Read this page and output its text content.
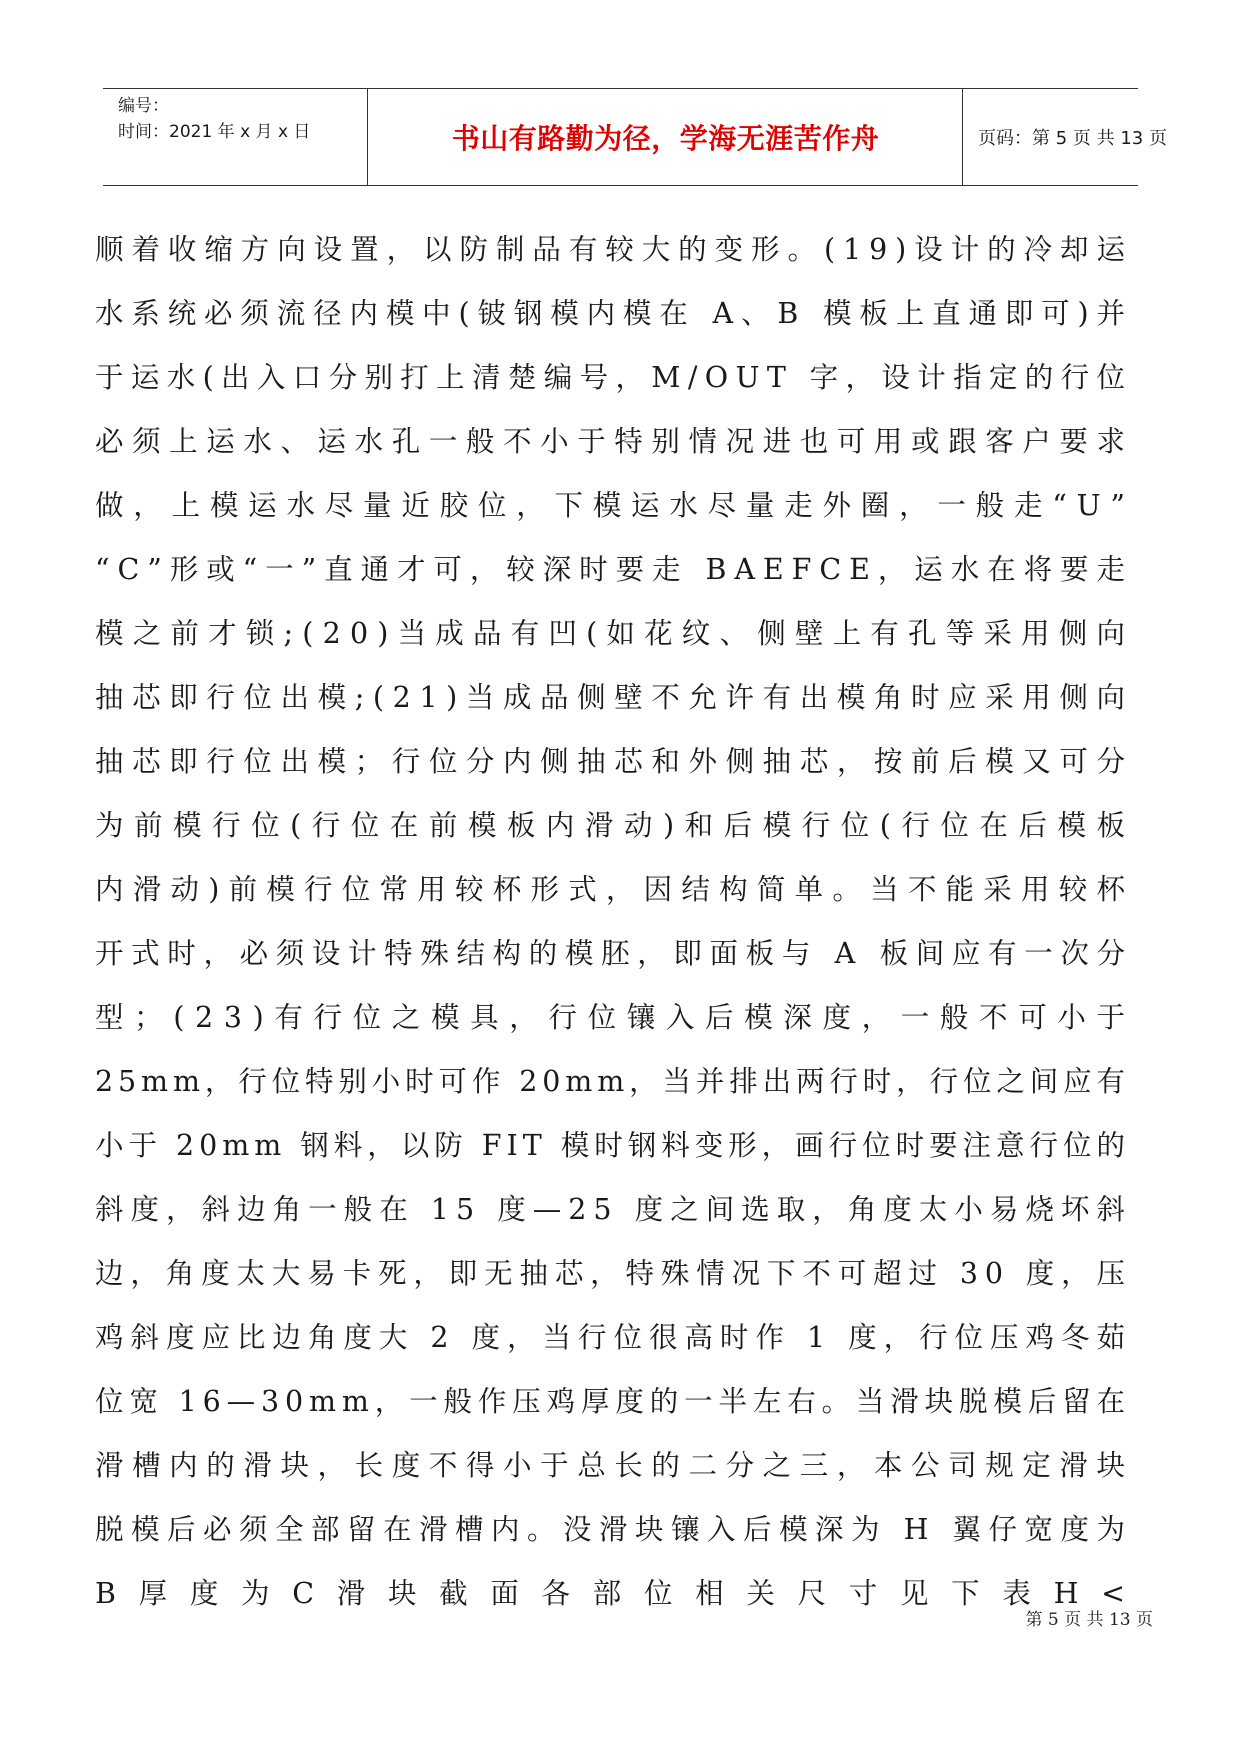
编号：
时间：2021 年 x 月 x 日	书山有路勤为径，学海无涯苦作舟	页码：第 5 页 共 13 页
顺着收缩方向设置，以防制品有较大的变形。(19)设计的冷却运
水系统必须流径内模中(铍钢模内模在 A、B 模板上直通即可)并
于运水(出入口分别打上清楚编号，M/OUT 字，设计指定的行位
必须上运水、运水孔一般不小于特别情况进也可用或跟客户要求
做，上模运水尽量近胶位，下模运水尽量走外圈，一般走“U”
“C”形或“一”直通才可，较深时要走 BAEFCE，运水在将要走
模之前才锁;(20)当成品有凹(如花纹、侧壁上有孔等采用侧向
抽芯即行位出模;(21)当成品侧壁不允许有出模角时应采用侧向
抽芯即行位出模；行位分内侧抽芯和外侧抽芯，按前后模又可分
为前模行位(行位在前模板内滑动)和后模行位(行位在后模板
内滑动)前模行位常用较杯形式，因结构简单。当不能采用较杯
开式时，必须设计特殊结构的模胚，即面板与 A 板间应有一次分
型；(23)有行位之模具，行位镶入后模深度，一般不可小于
25mm，行位特别小时可作 20mm，当并排出两行时，行位之间应有
小于 20mm 钢料，以防 FIT 模时钢料变形，画行位时要注意行位的
斜度，斜边角一般在 15 度—25 度之间选取，角度太小易烧坏斜
边，角度太大易卡死，即无抽芯，特殊情况下不可超过 30 度，压
鸡斜度应比边角度大 2 度，当行位很高时作 1 度，行位压鸡冬茹
位宽 16—30mm，一般作压鸡厚度的一半左右。当滑块脱模后留在
滑槽内的滑块，长度不得小于总长的二分之三，本公司规定滑块
脱模后必须全部留在滑槽内。没滑块镶入后模深为 H 翼仔宽度为
B 厚 度 为 C 滑 块 截 面 各 部 位 相 关 尺 寸 见 下 表 H <
第 5 页 共 13 页
